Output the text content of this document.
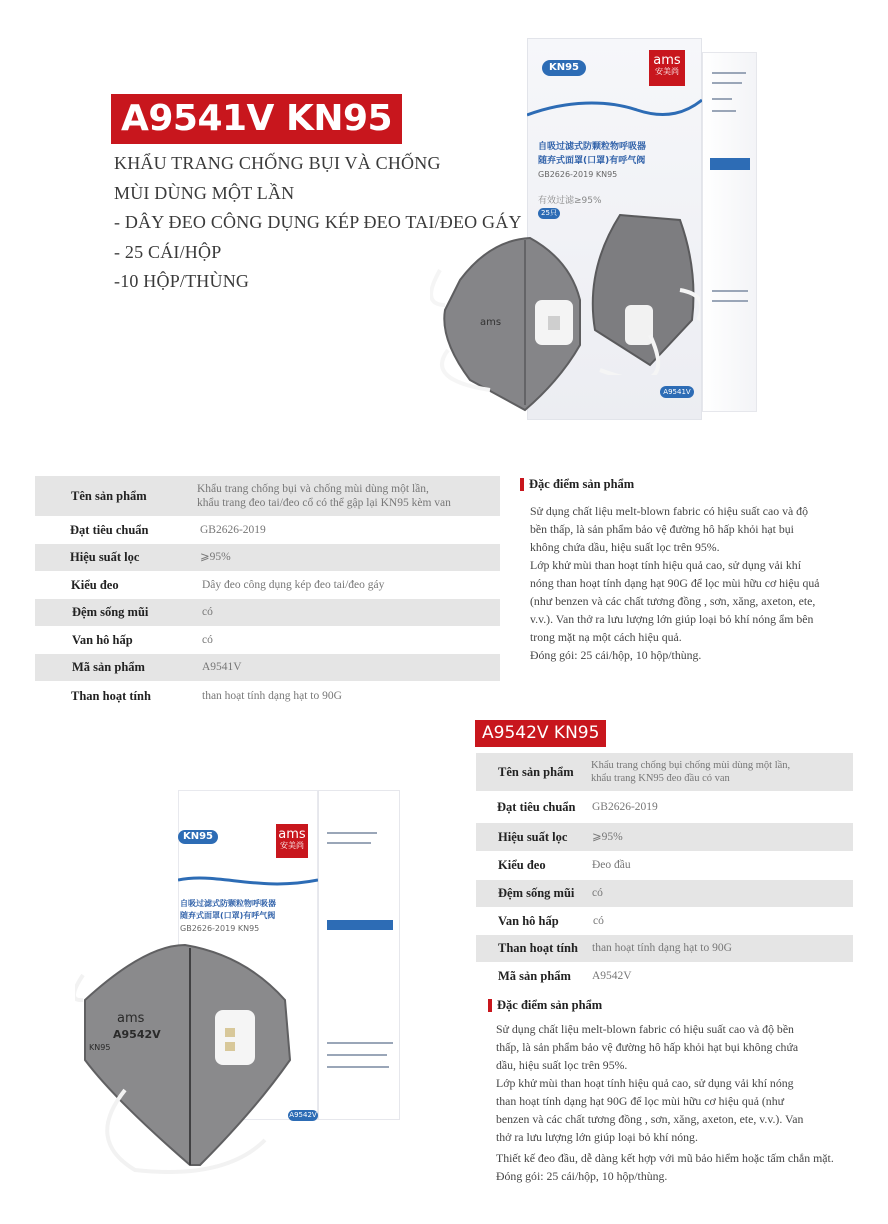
A9541V KN95
KHẨU TRANG CHỐNG BỤI VÀ CHỐNG
MÙI DÙNG MỘT LẦN
- DÂY ĐEO CÔNG DỤNG KÉP ĐEO TAI/ĐEO GÁY
- 25 CÁI/HỘP
-10 HỘP/THÙNG
KN95	ams
安美尚
自吸过滤式防颗粒物呼吸器
随弃式面罩(口罩)有呼气阀
GB2626-2019 KN95
有效过滤≥95%
25只
A9541V
ams
Tên sản phẩm	Khẩu trang chống bụi và chống mùi dùng một lần,
khẩu trang đeo tai/đeo cổ có thể gập lại KN95 kèm van
Đạt tiêu chuẩn	GB2626-2019
Hiệu suất lọc	⩾95%
Kiểu đeo	Dây đeo công dụng kép đeo tai/đeo gáy
Đệm sống mũi	có
Van hô hấp	có
Mã sản phẩm	A9541V
Than hoạt tính	than hoạt tính dạng hạt to 90G
Đặc điểm sản phẩm

Sử dụng chất liệu melt-blown fabric có hiệu suất cao và độ

bền thấp, là sản phẩm bảo vệ đường hô hấp khỏi hạt bụi

không chứa dầu, hiệu suất lọc trên 95%.

Lớp khử mùi than hoạt tính hiệu quả cao, sử dụng vải khí

nóng than hoạt tính dạng hạt 90G để lọc mùi hữu cơ hiệu quả

(như benzen và các chất tương đồng , sơn, xăng, axeton, ete,

v.v.). Van thở ra lưu lượng lớn giúp loại bỏ khí nóng ẩm bên

trong mặt nạ một cách hiệu quả.

Đóng gói: 25 cái/hộp, 10 hộp/thùng.

KN95	ams
安美尚
自吸过滤式防颗粒物呼吸器
随弃式面罩(口罩)有呼气阀
GB2626-2019 KN95
A9542V
ams
A9542V
KN95
A9542V KN95
Tên sản phẩm	Khẩu trang chống bụi chống mùi dùng một lần,
khẩu trang KN95 đeo đầu có van
Đạt tiêu chuẩn	GB2626-2019
Hiệu suất lọc	⩾95%
Kiểu đeo	Đeo đầu
Đệm sống mũi	có
Van hô hấp	có
Than hoạt tính	than hoạt tính dạng hạt to 90G
Mã sản phẩm	A9542V
Đặc điểm sản phẩm

Sử dụng chất liệu melt-blown fabric có hiệu suất cao và độ bền

thấp, là sản phẩm bảo vệ đường hô hấp khỏi hạt bụi không chứa

dầu, hiệu suất lọc trên 95%.

Lớp khử mùi than hoạt tính hiệu quả cao, sử dụng vải khí nóng

than hoạt tính dạng hạt 90G để lọc mùi hữu cơ hiệu quả (như

benzen và các chất tương đồng , sơn, xăng, axeton, ete, v.v.). Van

thở ra lưu lượng lớn giúp loại bỏ khí nóng.

Thiết kế đeo đầu, dễ dàng kết hợp với mũ bảo hiểm hoặc tấm chắn mặt.

Đóng gói: 25 cái/hộp, 10 hộp/thùng.
